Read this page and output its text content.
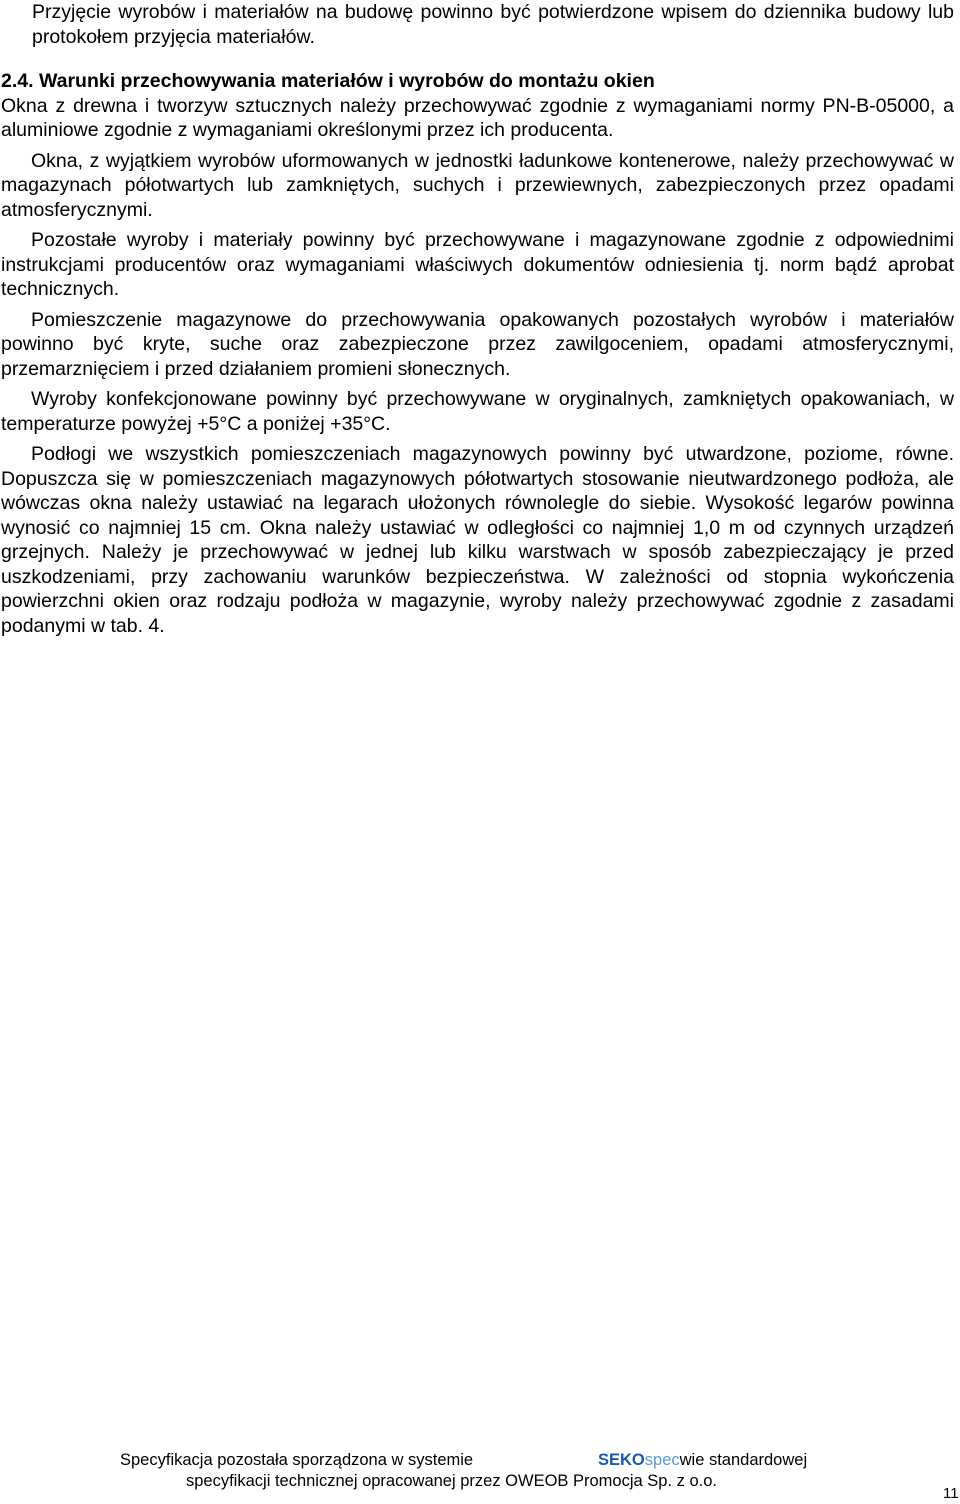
Przyjęcie wyrobów i materiałów na budowę powinno być potwierdzone wpisem do dziennika budowy lub protokołem przyjęcia materiałów.

2.4. Warunki przechowywania materiałów i wyrobów do montażu okien

Okna z drewna i tworzyw sztucznych należy przechowywać zgodnie z wymaganiami normy PN-B-05000, a aluminiowe zgodnie z wymaganiami określonymi przez ich producenta.

Okna, z wyjątkiem wyrobów uformowanych w jednostki ładunkowe kontenerowe, należy przechowywać w magazynach półotwartych lub zamkniętych, suchych i przewiewnych, zabezpieczonych przez opadami atmosferycznymi.

Pozostałe wyroby i materiały powinny być przechowywane i magazynowane zgodnie z odpowiednimi instrukcjami producentów oraz wymaganiami właściwych dokumentów odniesienia tj. norm bądź aprobat technicznych.

Pomieszczenie magazynowe do przechowywania opakowanych pozostałych wyrobów i materiałów powinno być kryte, suche oraz zabezpieczone przez zawilgoceniem, opadami atmosferycznymi, przemarznięciem i przed działaniem promieni słonecznych.

Wyroby konfekcjonowane powinny być przechowywane w oryginalnych, zamkniętych opakowaniach, w temperaturze powyżej +5°C a poniżej +35°C.

Podłogi we wszystkich pomieszczeniach magazynowych powinny być utwardzone, poziome, równe. Dopuszcza się w pomieszczeniach magazynowych półotwartych stosowanie nieutwardzonego podłoża, ale wówczas okna należy ustawiać na legarach ułożonych równolegle do siebie. Wysokość legarów powinna wynosić co najmniej 15 cm. Okna należy ustawiać w odległości co najmniej 1,0 m od czynnych urządzeń grzejnych. Należy je przechowywać w jednej lub kilku warstwach w sposób zabezpieczający je przed uszkodzeniami, przy zachowaniu warunków bezpieczeństwa. W zależności od stopnia wykończenia powierzchni okien oraz rodzaju podłoża w magazynie, wyroby należy przechowywać zgodnie z zasadami podanymi w tab. 4.

Specyfikacja pozostała sporządzona w systemie	SEKOspecwie standardowej
specyfikacji technicznej opracowanej przez OWEOB Promocja Sp. z o.o.
11
